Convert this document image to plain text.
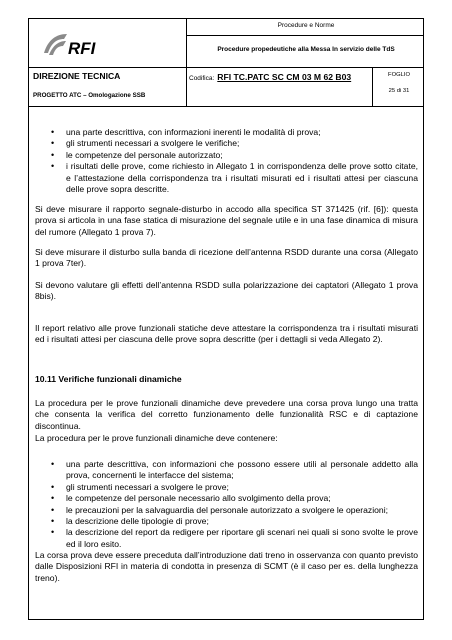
RFI
Procedure e Norme
Procedure propedeutiche alla Messa In servizio delle TdS
DIREZIONE TECNICA
PROGETTO ATC – Omologazione SSB
Codifica: RFI TC.PATC SC CM 03 M 62 B03	FOGLIO
25 di 31
• una parte descrittiva, con informazioni inerenti le modalità di prova;
• gli strumenti necessari a svolgere le verifiche;
• le competenze del personale autorizzato;
• i risultati delle prove, come richiesto in Allegato 1 in corrispondenza delle prove sotto citate, e l’attestazione della corrispondenza tra i risultati misurati ed i risultati attesi per ciascuna delle prove sopra descritte.
Si deve misurare il rapporto segnale-disturbo in accodo alla specifica ST 371425 (rif. [6]): questa prova si articola in una fase statica di misurazione del segnale utile e in una fase dinamica di misura del rumore (Allegato 1 prova 7).
Si deve misurare il disturbo sulla banda di ricezione dell’antenna RSDD durante una corsa (Allegato 1 prova 7ter).
Si devono valutare gli effetti dell’antenna RSDD sulla polarizzazione dei captatori (Allegato 1 prova 8bis).
Il report relativo alle prove funzionali statiche deve attestare la corrispondenza tra i risultati misurati ed i risultati attesi per ciascuna delle prove sopra descritte (per i dettagli si veda Allegato 2).
10.11 Verifiche funzionali dinamiche
La procedura per le prove funzionali dinamiche deve prevedere una corsa prova lungo una tratta che consenta la verifica del corretto funzionamento delle funzionalità RSC e di captazione discontinua.
La procedura per le prove funzionali dinamiche deve contenere:
• una parte descrittiva, con informazioni che possono essere utili al personale addetto alla prova, concernenti le interfacce del sistema;
• gli strumenti necessari a svolgere le prove;
• le competenze del personale necessario allo svolgimento della prova;
• le precauzioni per la salvaguardia del personale autorizzato a svolgere le operazioni;
• la descrizione delle tipologie di prove;
• la descrizione del report da redigere per riportare gli scenari nei quali si sono svolte le prove ed il loro esito.
La corsa prova deve essere preceduta dall’introduzione dati treno in osservanza con quanto previsto dalle Disposizioni RFI in materia di condotta in presenza di SCMT (è il caso per es. della lunghezza treno).
